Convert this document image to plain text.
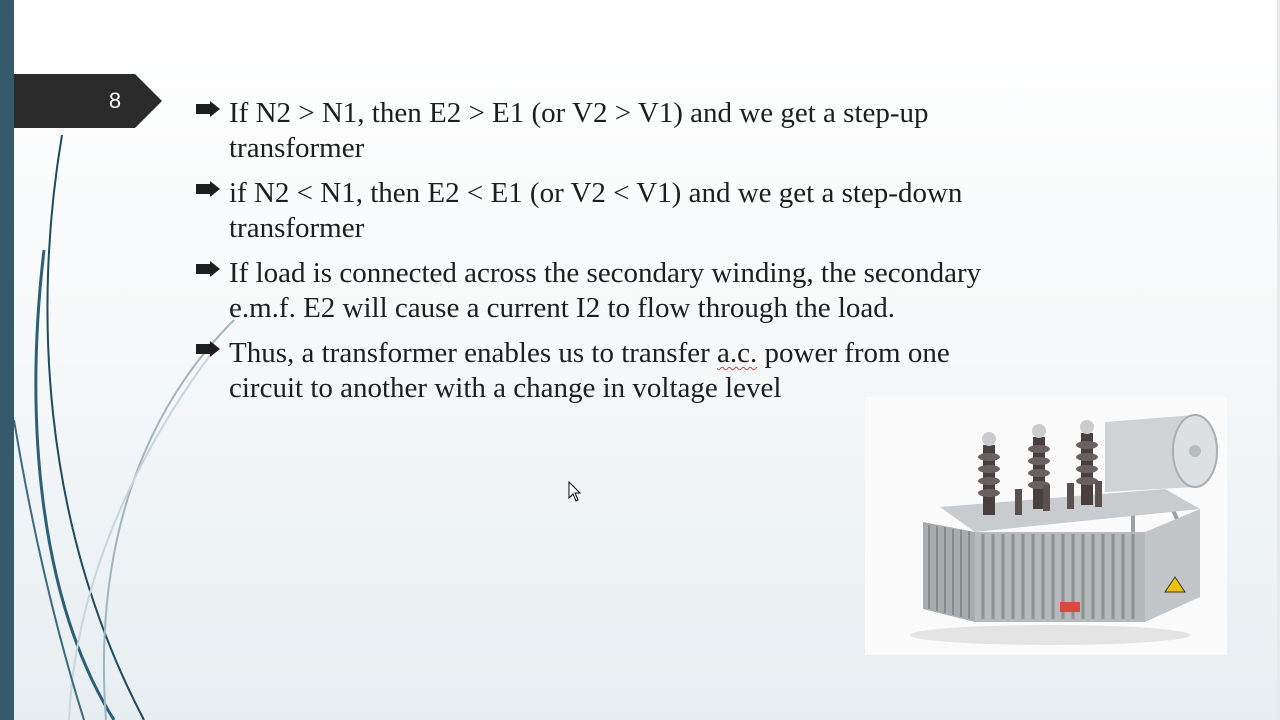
8	If N2 > N1, then E2 > E1 (or V2 > V1) and we get a step-up
transformer
if N2 < N1, then E2 < E1 (or V2 < V1) and we get a step-down
transformer
If load is connected across the secondary winding, the secondary
e.m.f. E2 will cause a current I2 to flow through the load.
Thus, a transformer enables us to transfer a.c. power from one
circuit to another with a change in voltage level
